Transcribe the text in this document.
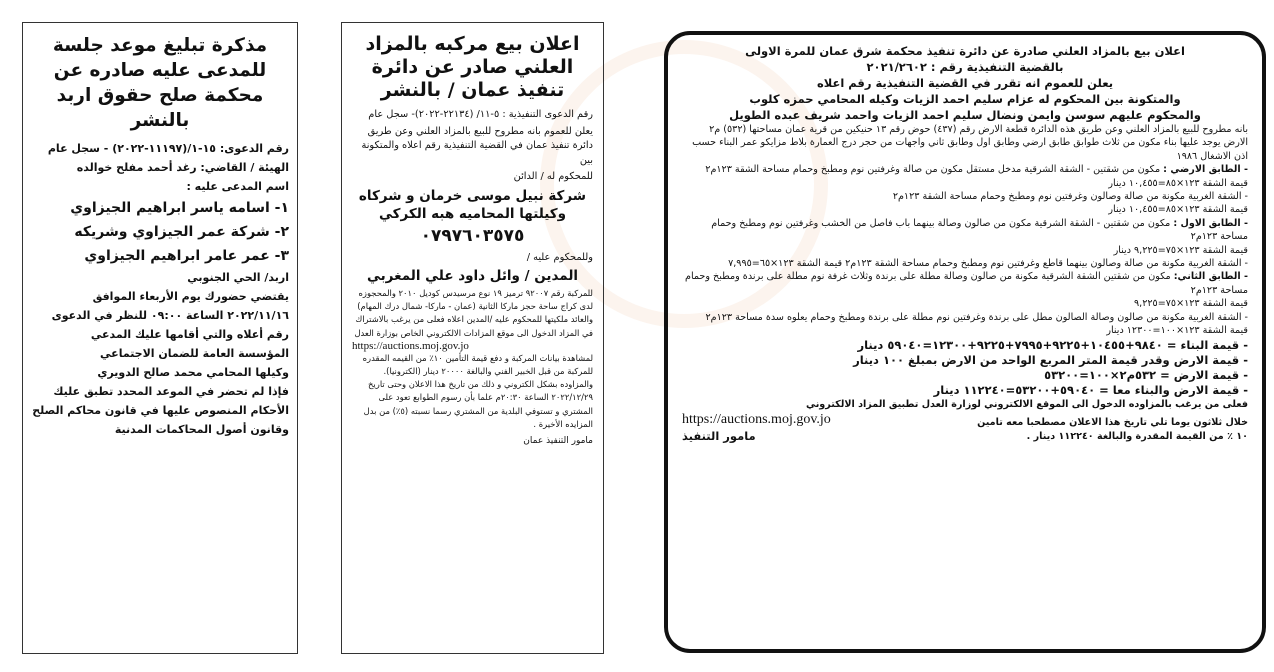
اعلان بيع بالمزاد العلني صادرة عن دائرة تنفيذ محكمة شرق عمان للمرة الاولى

بالقضية التنفيذية رقم : ٢٠٢١/٢٦٠٢

يعلن للعموم انه تقرر في القضية التنفيذية رقم اعلاه

والمتكونة بين المحكوم له عزام سليم احمد الزيات وكيله المحامي حمزه كلوب

والمحكوم عليهم سوسن وايمن ونضال سليم احمد الزيات واحمد شريف عبده الطويل

بانه مطروح للبيع بالمزاد العلني وعن طريق هذه الدائرة قطعة الارض رقم (٤٣٧) حوض رقم ١٣ حنيكين من قرية عمان مساحتها (٥٣٢) م٢ الارض يوجد عليها بناء مكون من ثلاث طوابق طابق ارضي وطابق اول وطابق ثاني واجهات من حجر درج العمارة بلاط مزايكو عمر البناء حسب اذن الاشغال ١٩٨٦

- الطابق الارضي : مكون من شقتين - الشقة الشرقية مدخل مستقل مكون من صالة وغرفتين نوم ومطبخ وحمام مساحة الشقة ١٢٣م٢

قيمة الشقة ١٢٣×٨٥=١٠,٤٥٥ دينار

- الشقة الغربية مكونة من صالة وصالون وغرفتين نوم ومطبخ وحمام مساحة الشقة ١٢٣م٢

قيمة الشقة ١٢٣×٨٥=١٠,٤٥٥ دينار

- الطابق الاول : مكون من شقتين - الشقة الشرقية مكون من صالون وصالة بينهما باب فاصل من الخشب وغرفتين نوم ومطبخ وحمام مساحة ١٢٣م٢

قيمة الشقة ١٢٣×٧٥=٩,٢٢٥ دينار

- الشقة الغربية مكونة من صالة وصالون بينهما قاطع وغرفتين نوم ومطبخ وحمام مساحة الشقة ١٢٣م٢ قيمة الشقة ١٢٣×٦٥=٧,٩٩٥

- الطابق الثاني: مكون من شقتين الشقة الشرقية مكونة من صالون وصالة مطلة على برندة وثلاث غرفة نوم مطلة على برندة ومطبخ وحمام مساحة ١٢٣م٢

قيمة الشقة ١٢٣×٧٥=٩,٢٢٥

- الشقة الغربية مكونة من صالون وصالة الصالون مطل على برندة وغرفتين نوم مطلة على برندة ومطبخ وحمام يعلوه سدة مساحة ١٢٣م٢

قيمة الشقة ١٢٣×١٠٠=١٢٣٠٠ دينار

- قيمة البناء = ٩٨٤٠+١٠٤٥٥+٩٢٢٥+٧٩٩٥+٩٢٢٥+١٢٣٠٠=٥٩٠٤٠ دينار

- قيمة الارض وقدر قيمة المتر المربع الواحد من الارض بمبلغ ١٠٠ دينار

- قيمة الارض = ٥٣٢م٢×١٠٠=٥٣٢٠٠

- قيمة الارض والبناء معا = ٥٩٠٤٠+٥٣٢٠٠=١١٢٢٤٠ دينار

فعلى من يرغب بالمزاوده الدخول الى الموقع الالكتروني لوزارة العدل تطبيق المزاد الالكتروني

خلال ثلاثون يوما تلي تاريخ هذا الاعلان مصطحبا معه تامين
https://auctions.moj.gov.jo
١٠ ٪ من القيمة المقدرة والبالغة ١١٢٢٤٠ دينار .
مامور التنفيذ

اعلان بيع مركبه بالمزاد العلني صادر عن دائرة تنفيذ عمان / بالنشر

رقم الدعوى التنفيذية : ٥-١١/ (٢٢١٣٤-٢٠٢٢)- سجل عام

يعلن للعموم بانه مطروح للبيع بالمزاد العلني وعن طريق دائرة تنفيذ عمان في القضية التنفيذية رقم اعلاه والمتكونة بين

للمحكوم له / الدائن

شركة نبيل موسى خرمان و شركاه وكيلتها المحاميه هبه الكركي

٠٧٩٧٦٠٣٥٧٥

وللمحكوم عليه /

المدين / وائل داود علي المغربي

للمركبة رقم ٩٢٠٠٧ ترميز ١٩ نوع مرسيدس كوديل ٢٠١٠ والمحجوزه لدى كراج ساحة حجز ماركا الثانية (عمان - ماركا- شمال درك المهام) والعائد ملكيتها للمحكوم عليه /المدين اعلاه فعلى من يرغب بالاشتراك في المزاد الدخول الى موقع المزادات الالكتروني الخاص بوزارة العدل

https://auctions.moj.gov.jo

لمشاهدة بيانات المركبة و دفع قيمة التأمين ١٠٪ من القيمه المقدره للمركبة من قبل الخبير الفني والبالغة ٢٠٠٠٠ دينار (الكترونيا). والمزاوده بشكل الكتروني و ذلك من تاريخ هذا الاعلان وحتى تاريخ ٢٠٢٢/١٢/٢٩ الساعة ٢٠:٣٠م علما بأن رسوم الطوابع تعود على المشتري و تستوفي البلدية من المشتري رسما نسبته (٥٪) من بدل المزايده الأخيرة .

مامور التنفيذ عمان

مذكرة تبليغ موعد جلسة للمدعى عليه صادره عن محكمة صلح حقوق اربد بالنشر

رقم الدعوى: ١٥-١/(١١١٩٧-٢٠٢٢) - سجل عام

الهيئة / القاضي: رغد أحمد مفلح خوالده

اسم المدعى عليه :

١- اسامه ياسر ابراهيم الجيزاوي

٢- شركة عمر الجيزاوي وشريكه

٣- عمر عامر ابراهيم الجيزاوي

اربد/ الحي الجنوبي

يقتضي حضورك يوم الأربعاء الموافق ٢٠٢٢/١١/١٦ الساعة ٠٩:٠٠ للنظر في الدعوى رقم أعلاه والتي أقامها عليك المدعي

المؤسسة العامة للضمان الاجتماعي

وكيلها المحامي محمد صالح الدويري

فإذا لم تحضر في الموعد المحدد تطبق عليك الأحكام المنصوص عليها في قانون محاكم الصلح وقانون أصول المحاكمات المدنية
